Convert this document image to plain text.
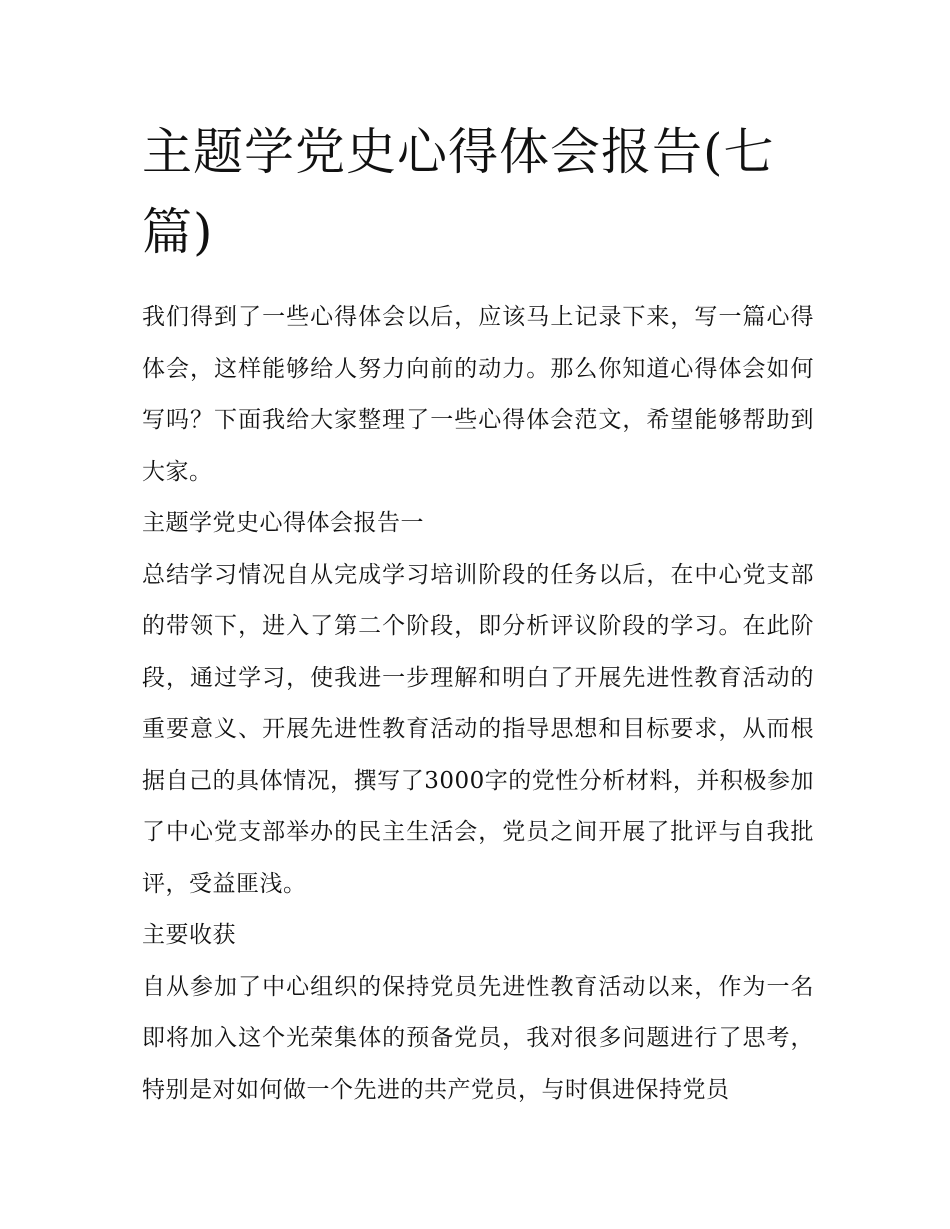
主题学党史心得体会报告(七篇)

我们得到了一些心得体会以后，应该马上记录下来，写一篇心得体会，这样能够给人努力向前的动力。那么你知道心得体会如何写吗？下面我给大家整理了一些心得体会范文，希望能够帮助到大家。

主题学党史心得体会报告一

总结学习情况自从完成学习培训阶段的任务以后，在中心党支部的带领下，进入了第二个阶段，即分析评议阶段的学习。在此阶段，通过学习，使我进一步理解和明白了开展先进性教育活动的重要意义、开展先进性教育活动的指导思想和目标要求，从而根据自己的具体情况，撰写了3000字的党性分析材料，并积极参加了中心党支部举办的民主生活会，党员之间开展了批评与自我批评，受益匪浅。

主要收获

自从参加了中心组织的保持党员先进性教育活动以来，作为一名即将加入这个光荣集体的预备党员，我对很多问题进行了思考，特别是对如何做一个先进的共产党员，与时俱进保持党员
